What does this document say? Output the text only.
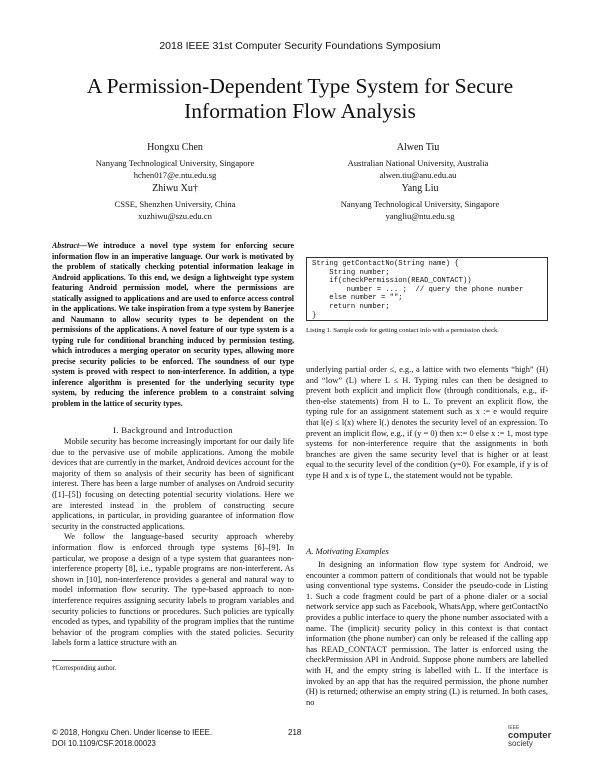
2018 IEEE 31st Computer Security Foundations Symposium
A Permission-Dependent Type System for Secure Information Flow Analysis
Hongxu Chen
Nanyang Technological University, Singapore
hchen017@e.ntu.edu.sg
Alwen Tiu
Australian National University, Australia
alwen.tiu@anu.edu.au
Zhiwu Xu†
CSSE, Shenzhen University, China
xuzhiwu@szu.edu.cn
Yang Liu
Nanyang Technological University, Singapore
yangliu@ntu.edu.sg
Abstract—We introduce a novel type system for enforcing secure information flow in an imperative language. Our work is motivated by the problem of statically checking potential information leakage in Android applications. To this end, we design a lightweight type system featuring Android permission model, where the permissions are statically assigned to applications and are used to enforce access control in the applications. We take inspiration from a type system by Banerjee and Naumann to allow security types to be dependent on the permissions of the applications. A novel feature of our type system is a typing rule for conditional branching induced by permission testing, which introduces a merging operator on security types, allowing more precise security policies to be enforced. The soundness of our type system is proved with respect to non-interference. In addition, a type inference algorithm is presented for the underlying security type system, by reducing the inference problem to a constraint solving problem in the lattice of security types.
I. Background and Introduction

Mobile security has become increasingly important for our daily life due to the pervasive use of mobile applications. Among the mobile devices that are currently in the market, Android devices account for the majority of them so analysis of their security has been of significant interest. There has been a large number of analyses on Android security ([1]–[5]) focusing on detecting potential security violations. Here we are interested instead in the problem of constructing secure applications, in particular, in providing guarantee of information flow security in the constructed applications.

We follow the language-based security approach whereby information flow is enforced through type systems [6]–[9]. In particular, we propose a design of a type system that guarantees non-interference property [8], i.e., typable programs are non-interferent. As shown in [10], non-interference provides a general and natural way to model information flow security. The type-based approach to non-interference requires assigning security labels to program variables and security policies to functions or procedures. Such policies are typically encoded as types, and typability of the program implies that the runtime behavior of the program complies with the stated policies. Security labels form a lattice structure with an

†Corresponding author.
String getContactNo(String name) {
String number;
if(checkPermission(READ_CONTACT))
number = ... ;  // query the phone number
else number = "";
return number;
}
Listing 1. Sample code for getting contact info with a permission check.

underlying partial order ≤, e.g., a lattice with two elements “high” (H) and “low” (L) where L ≤ H. Typing rules can then be designed to prevent both explicit and implicit flow (through conditionals, e.g., if-then-else statements) from H to L. To prevent an explicit flow, the typing rule for an assignment statement such as x := e would require that l(e) ≤ l(x) where l(.) denotes the security level of an expression. To prevent an implicit flow, e.g., if (y = 0) then x:= 0 else x := 1, most type systems for non-interference require that the assignments in both branches are given the same security level that is higher or at least equal to the security level of the condition (y=0). For example, if y is of type H and x is of type L, the statement would not be typable.

A. Motivating Examples

In designing an information flow type system for Android, we encounter a common pattern of conditionals that would not be typable using conventional type systems. Consider the pseudo-code in Listing 1. Such a code fragment could be part of a phone dialer or a social network service app such as Facebook, WhatsApp, where getContactNo provides a public interface to query the phone number associated with a name. The (implicit) security policy in this context is that contact information (the phone number) can only be released if the calling app has READ_CONTACT permission. The latter is enforced using the checkPermission API in Android. Suppose phone numbers are labelled with H, and the empty string is labelled with L. If the interface is invoked by an app that has the required permission, the phone number (H) is returned; otherwise an empty string (L) is returned. In both cases, no

© 2018, Hongxu Chen. Under license to IEEE.
DOI 10.1109/CSF.2018.00023
218	IEEE
computer
society
